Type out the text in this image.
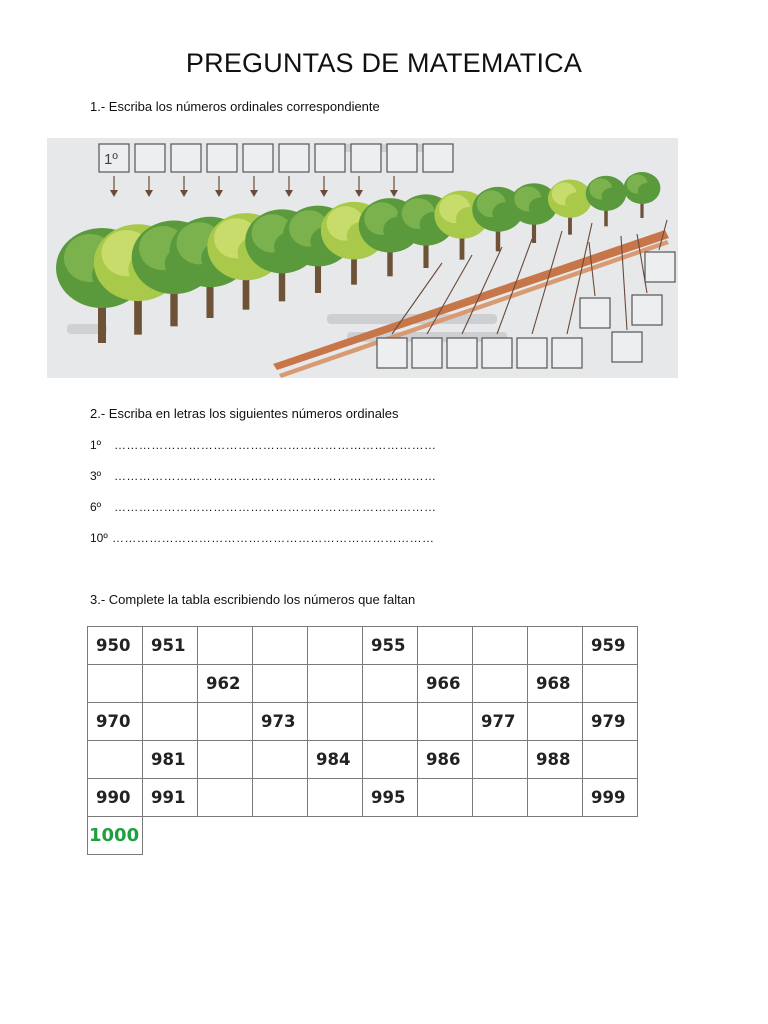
PREGUNTAS DE MATEMATICA
1.- Escriba los números ordinales correspondiente
1º
2.- Escriba en letras los siguientes números ordinales
1º ……………………………………………………………………
3º ……………………………………………………………………
6º ……………………………………………………………………
10º ……………………………………………………………………
3.- Complete la tabla escribiendo los números que faltan
950	951				955				959
		962				966		968	
970			973				977		979
	981			984		986		988	
990	991				995				999
1000									
